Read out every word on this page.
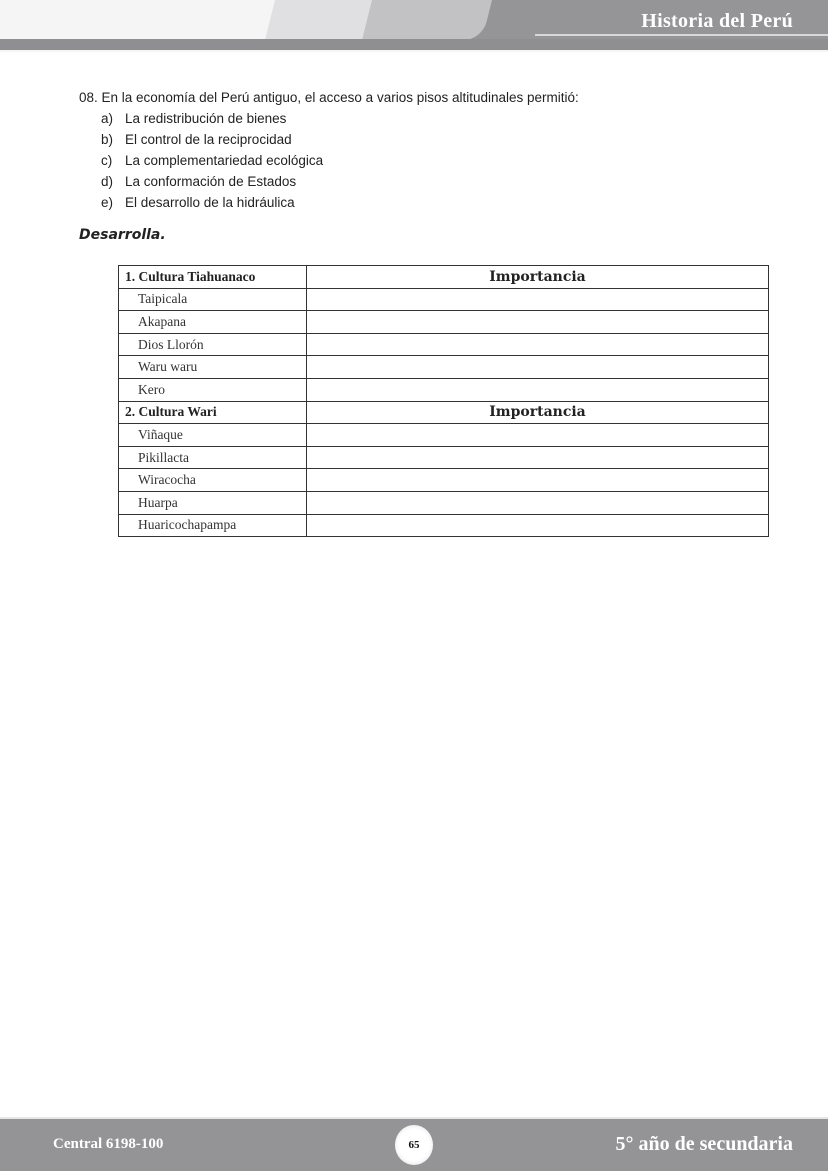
Historia del Perú
08. En la economía del Perú antiguo, el acceso a varios pisos altitudinales permitió:
a) La redistribución de bienes
b) El control de la reciprocidad
c) La complementariedad ecológica
d) La conformación de Estados
e) El desarrollo de la hidráulica
Desarrolla.
1. Cultura Tiahuanaco	Importancia
Taipicala	
Akapana	
Dios Llorón	
Waru waru	
Kero	
2. Cultura Wari	Importancia
Viñaque	
Pikillacta	
Wiracocha	
Huarpa	
Huaricochapampa	
Central 6198-100	65	5° año de secundaria
